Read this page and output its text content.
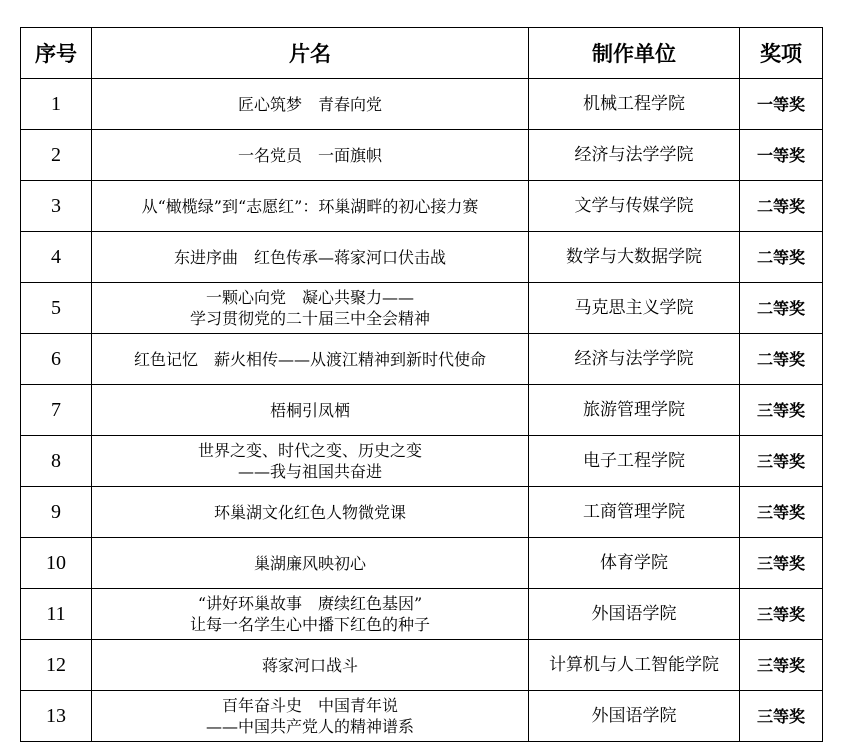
序号	片名	制作单位	奖项
1	匠心筑梦　青春向党	机械工程学院	一等奖
2	一名党员　一面旗帜	经济与法学学院	一等奖
3	从“橄榄绿”到“志愿红”：环巢湖畔的初心接力赛	文学与传媒学院	二等奖
4	东进序曲　红色传承—蒋家河口伏击战	数学与大数据学院	二等奖
5	一颗心向党　凝心共聚力——
学习贯彻党的二十届三中全会精神	马克思主义学院	二等奖
6	红色记忆　薪火相传——从渡江精神到新时代使命	经济与法学学院	二等奖
7	梧桐引凤栖	旅游管理学院	三等奖
8	世界之变、时代之变、历史之变
——我与祖国共奋进	电子工程学院	三等奖
9	环巢湖文化红色人物微党课	工商管理学院	三等奖
10	巢湖廉风映初心	体育学院	三等奖
11	“讲好环巢故事　赓续红色基因”
让每一名学生心中播下红色的种子	外国语学院	三等奖
12	蒋家河口战斗	计算机与人工智能学院	三等奖
13	百年奋斗史　中国青年说
——中国共产党人的精神谱系	外国语学院	三等奖
